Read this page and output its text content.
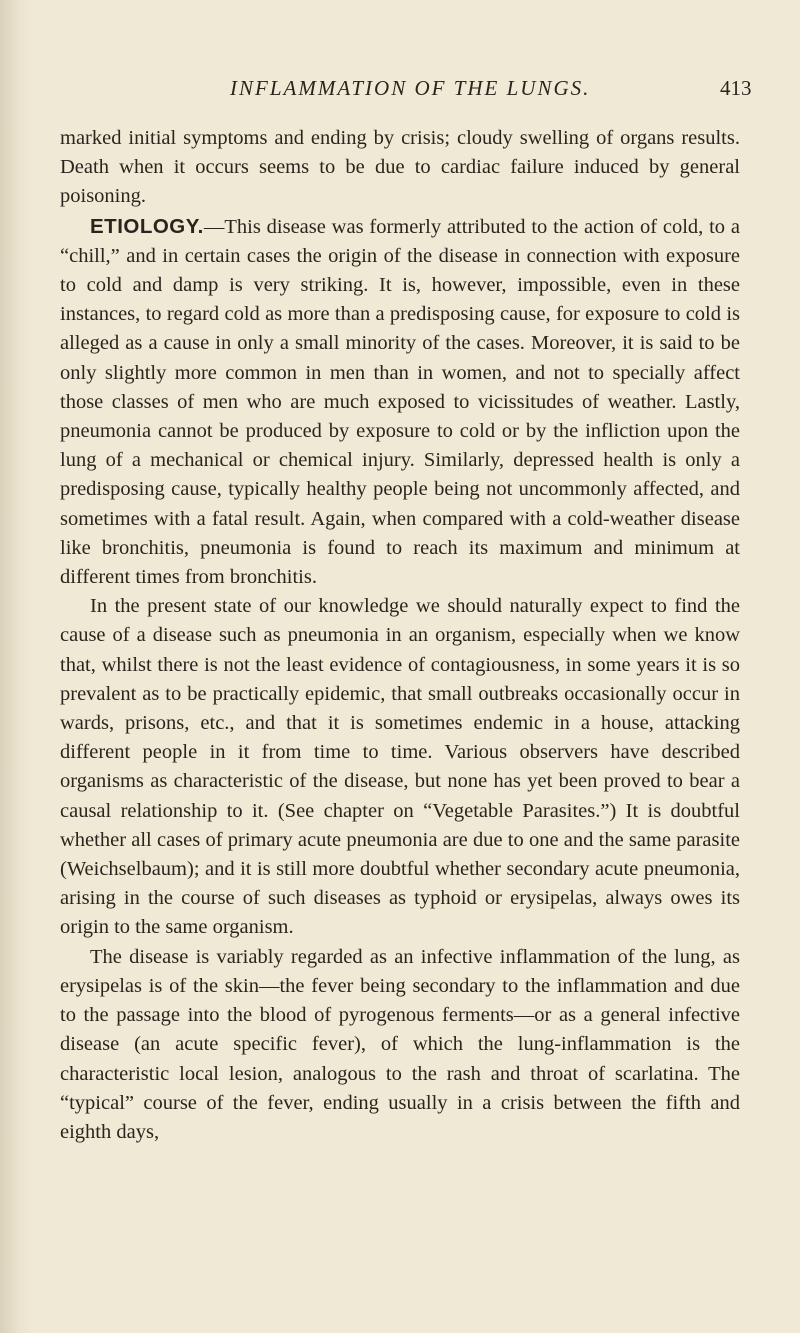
INFLAMMATION OF THE LUNGS.	413

marked initial symptoms and ending by crisis; cloudy swelling of organs results. Death when it occurs seems to be due to cardiac failure induced by general poisoning.

ETIOLOGY.—This disease was formerly attributed to the action of cold, to a “chill,” and in certain cases the origin of the disease in connection with exposure to cold and damp is very striking. It is, however, impossible, even in these instances, to regard cold as more than a predisposing cause, for exposure to cold is alleged as a cause in only a small minority of the cases. Moreover, it is said to be only slightly more common in men than in women, and not to specially affect those classes of men who are much exposed to vicissitudes of weather. Lastly, pneumonia cannot be produced by exposure to cold or by the infliction upon the lung of a mechanical or chemical injury. Similarly, depressed health is only a predisposing cause, typically healthy people being not uncommonly affected, and sometimes with a fatal result. Again, when compared with a cold-weather disease like bronchitis, pneumonia is found to reach its maximum and minimum at different times from bronchitis.

In the present state of our knowledge we should naturally expect to find the cause of a disease such as pneumonia in an organism, especially when we know that, whilst there is not the least evidence of contagiousness, in some years it is so prevalent as to be practically epidemic, that small outbreaks occasionally occur in wards, prisons, etc., and that it is sometimes endemic in a house, attacking different people in it from time to time. Various observers have described organisms as characteristic of the disease, but none has yet been proved to bear a causal relationship to it. (See chapter on “Vegetable Parasites.”) It is doubtful whether all cases of primary acute pneumonia are due to one and the same parasite (Weichselbaum); and it is still more doubtful whether secondary acute pneumonia, arising in the course of such diseases as typhoid or erysipelas, always owes its origin to the same organism.

The disease is variably regarded as an infective inflammation of the lung, as erysipelas is of the skin—the fever being secondary to the inflammation and due to the passage into the blood of pyrogenous ferments—or as a general infective disease (an acute specific fever), of which the lung-inflammation is the characteristic local lesion, analogous to the rash and throat of scarlatina. The “typical” course of the fever, ending usually in a crisis between the fifth and eighth days,
